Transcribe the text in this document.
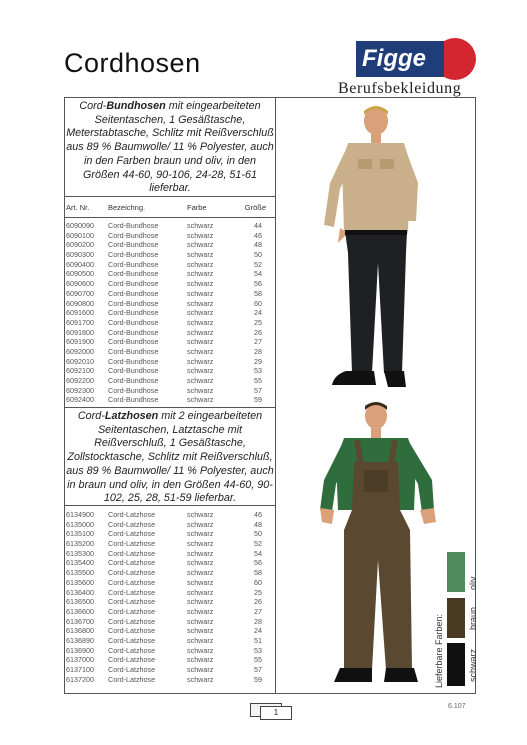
Cordhosen	Figge
Berufsbekleidung
Cord-Bundhosen mit eingearbeiteten Seitentaschen, 1 Gesäßtasche, Meterstabtasche, Schlitz mit Reißverschluß aus 89 % Baumwolle/ 11 % Polyester, auch in den Farben braun und oliv, in den Größen 44-60, 90-106, 24-28, 51-61 lieferbar.
Art. Nr. Bezeichng.	Farbe	Größe
6090090 Cord-Bundhose	schwarz	44
6090100 Cord-Bundhose	schwarz	46
6090200 Cord-Bundhose	schwarz	48
6090300 Cord-Bundhose	schwarz	50
6090400 Cord-Bundhose	schwarz	52
6090500 Cord-Bundhose	schwarz	54
6090600 Cord-Bundhose	schwarz	56
6090700 Cord-Bundhose	schwarz	58
6090800 Cord-Bundhose	schwarz	60
6091600 Cord-Bundhose	schwarz	24
6091700 Cord-Bundhose	schwarz	25
6091800 Cord-Bundhose	schwarz	26
6091900 Cord-Bundhose	schwarz	27
6092000 Cord-Bundhose	schwarz	28
6092010 Cord-Bundhose	schwarz	29
6092100 Cord-Bundhose	schwarz	53
6092200 Cord-Bundhose	schwarz	55
6092300 Cord-Bundhose	schwarz	57
6092400 Cord-Bundhose	schwarz	59
Cord-Latzhosen mit 2 eingearbeiteten Seitentaschen, Latztasche mit Reißverschluß, 1 Gesäßtasche, Zollstocktasche, Schlitz mit Reißverschluß, aus 89 % Baumwolle/ 11 % Polyester, auch in braun und oliv, in den Größen 44-60, 90-102, 25, 28, 51-59 lieferbar.
6134900 Cord-Latzhose	schwarz	46
6135000 Cord-Latzhose	schwarz	48
6135100 Cord-Latzhose	schwarz	50
6135200 Cord-Latzhose	schwarz	52
6135300 Cord-Latzhose	schwarz	54
6135400 Cord-Latzhose	schwarz	56
6135500 Cord-Latzhose	schwarz	58
6135600 Cord-Latzhose	schwarz	60
6136400 Cord-Latzhose	schwarz	25
6136500 Cord-Latzhose	schwarz	26
6136600 Cord-Latzhose	schwarz	27
6136700 Cord-Latzhose	schwarz	28
6136800 Cord-Latzhose	schwarz	24
6136890 Cord-Latzhose	schwarz	51
6136900 Cord-Latzhose	schwarz	53
6137000 Cord-Latzhose	schwarz	55
6137100 Cord-Latzhose	schwarz	57
6137200 Cord-Latzhose	schwarz	59
oliv
braun
schwarz
Lieferbare Farben:
1
6.107
